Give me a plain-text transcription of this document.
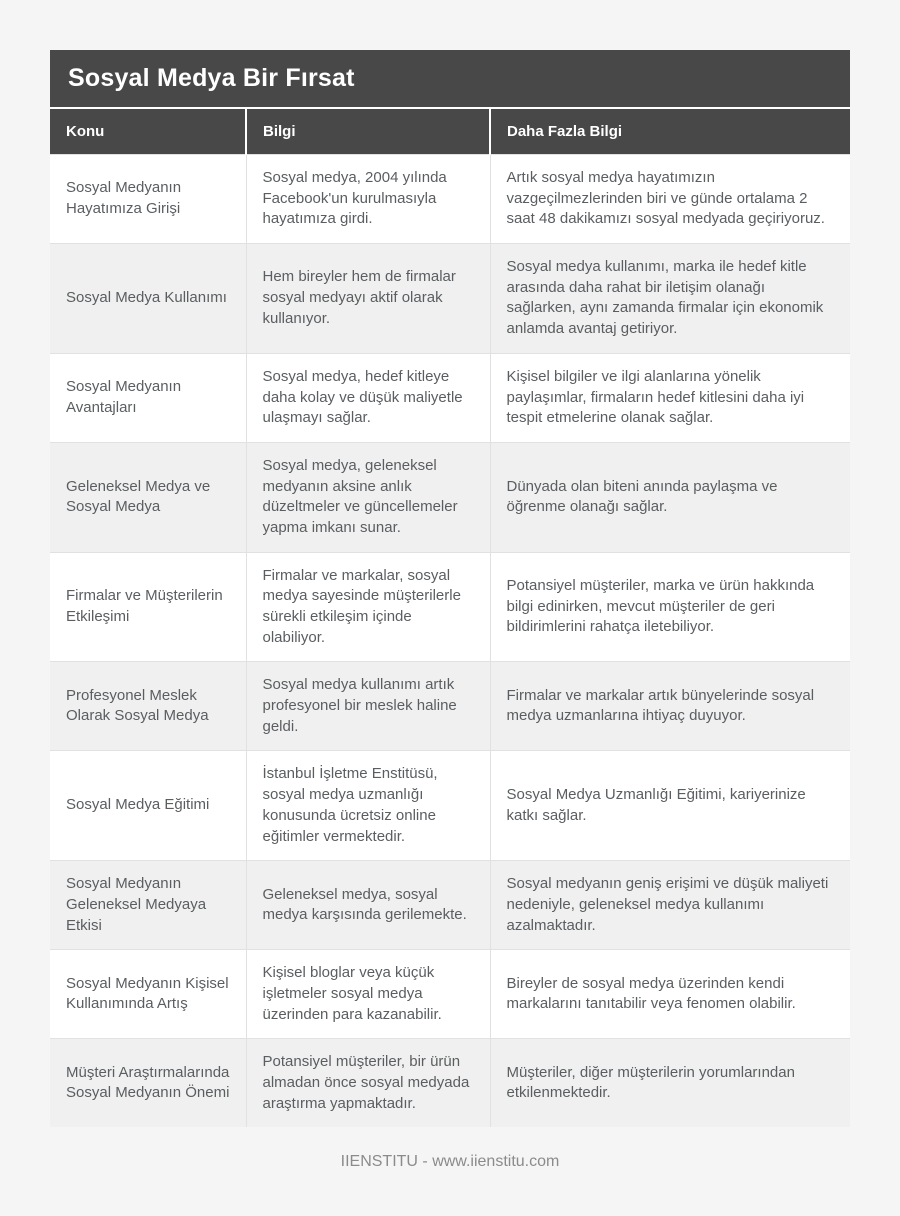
Sosyal Medya Bir Fırsat
Konu	Bilgi	Daha Fazla Bilgi
Sosyal Medyanın Hayatımıza Girişi	Sosyal medya, 2004 yılında Facebook'un kurulmasıyla hayatımıza girdi.	Artık sosyal medya hayatımızın vazgeçilmezlerinden biri ve günde ortalama 2 saat 48 dakikamızı sosyal medyada geçiriyoruz.
Sosyal Medya Kullanımı	Hem bireyler hem de firmalar sosyal medyayı aktif olarak kullanıyor.	Sosyal medya kullanımı, marka ile hedef kitle arasında daha rahat bir iletişim olanağı sağlarken, aynı zamanda firmalar için ekonomik anlamda avantaj getiriyor.
Sosyal Medyanın Avantajları	Sosyal medya, hedef kitleye daha kolay ve düşük maliyetle ulaşmayı sağlar.	Kişisel bilgiler ve ilgi alanlarına yönelik paylaşımlar, firmaların hedef kitlesini daha iyi tespit etmelerine olanak sağlar.
Geleneksel Medya ve Sosyal Medya	Sosyal medya, geleneksel medyanın aksine anlık düzeltmeler ve güncellemeler yapma imkanı sunar.	Dünyada olan biteni anında paylaşma ve öğrenme olanağı sağlar.
Firmalar ve Müşterilerin Etkileşimi	Firmalar ve markalar, sosyal medya sayesinde müşterilerle sürekli etkileşim içinde olabiliyor.	Potansiyel müşteriler, marka ve ürün hakkında bilgi edinirken, mevcut müşteriler de geri bildirimlerini rahatça iletebiliyor.
Profesyonel Meslek Olarak Sosyal Medya	Sosyal medya kullanımı artık profesyonel bir meslek haline geldi.	Firmalar ve markalar artık bünyelerinde sosyal medya uzmanlarına ihtiyaç duyuyor.
Sosyal Medya Eğitimi	İstanbul İşletme Enstitüsü, sosyal medya uzmanlığı konusunda ücretsiz online eğitimler vermektedir.	Sosyal Medya Uzmanlığı Eğitimi, kariyerinize katkı sağlar.
Sosyal Medyanın Geleneksel Medyaya Etkisi	Geleneksel medya, sosyal medya karşısında gerilemekte.	Sosyal medyanın geniş erişimi ve düşük maliyeti nedeniyle, geleneksel medya kullanımı azalmaktadır.
Sosyal Medyanın Kişisel Kullanımında Artış	Kişisel bloglar veya küçük işletmeler sosyal medya üzerinden para kazanabilir.	Bireyler de sosyal medya üzerinden kendi markalarını tanıtabilir veya fenomen olabilir.
Müşteri Araştırmalarında Sosyal Medyanın Önemi	Potansiyel müşteriler, bir ürün almadan önce sosyal medyada araştırma yapmaktadır.	Müşteriler, diğer müşterilerin yorumlarından etkilenmektedir.
IIENSTITU - www.iienstitu.com
